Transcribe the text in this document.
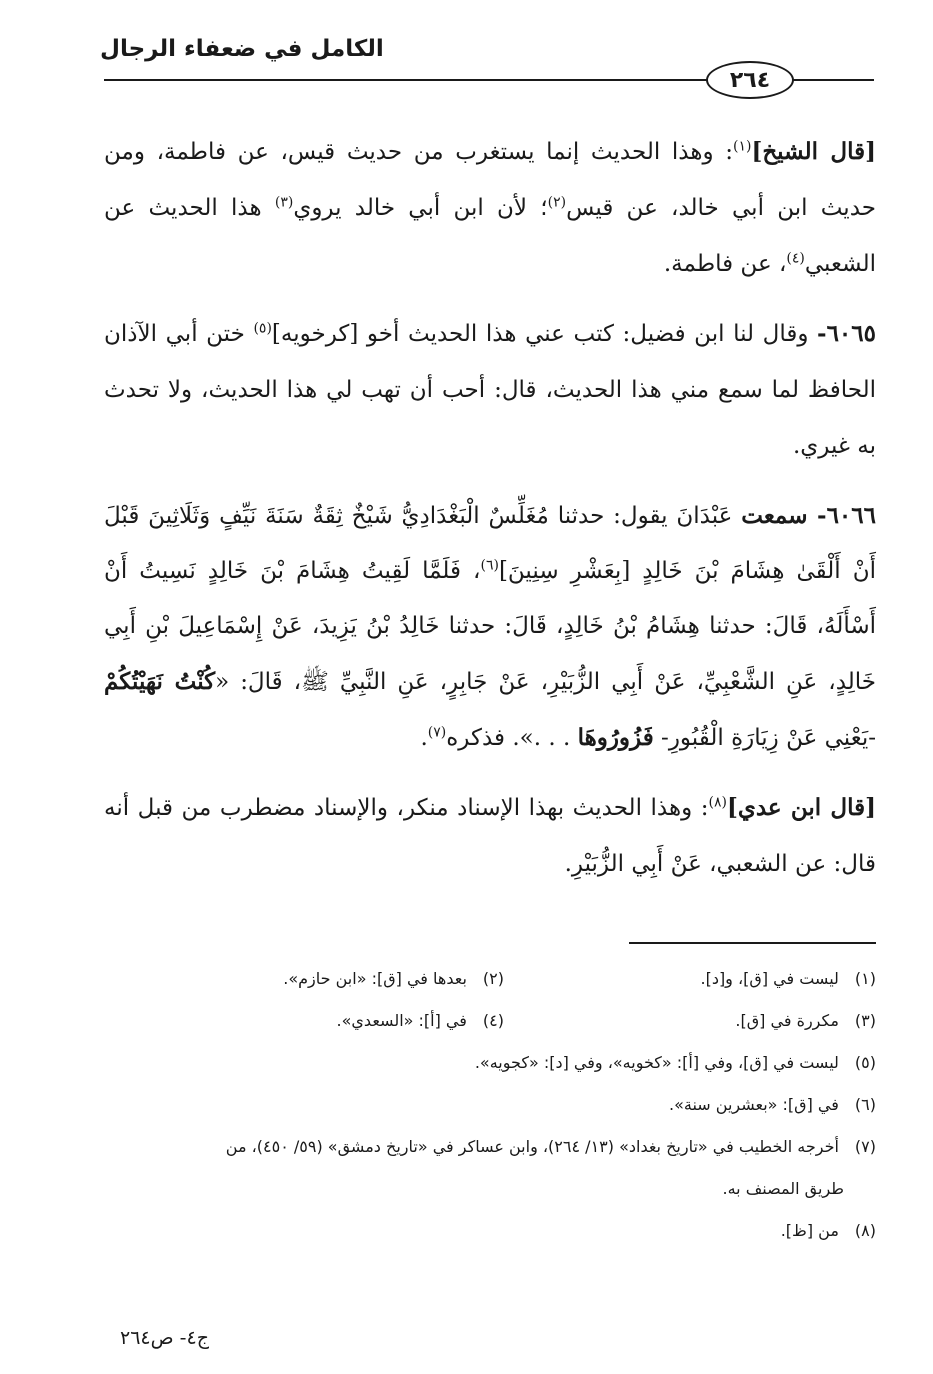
الكامل في ضعفاء الرجال
٢٦٤

[قال الشيخ]$^{(١)}$: وهذا الحديث إنما يستغرب من حديث قيس، عن فاطمة، ومن حديث ابن أبي خالد، عن قيس$^{(٢)}$؛ لأن ابن أبي خالد يروي$^{(٣)}$ هذا الحديث عن الشعبي$^{(٤)}$، عن فاطمة.

٦٠٦٥- وقال لنا ابن فضيل: كتب عني هذا الحديث أخو [كرخويه]$^{(٥)}$ ختن أبي الآذان الحافظ لما سمع مني هذا الحديث، قال: أحب أن تهب لي هذا الحديث، ولا تحدث به غيري.

٦٠٦٦- سمعت عَبْدَانَ يقول: حدثنا مُغَلِّسٌ الْبَغْدَادِيُّ شَيْخٌ ثِقَةٌ سَنَةَ نَيِّفٍ وَثَلَاثِينَ قَبْلَ أَنْ أَلْقَىٰ هِشَامَ بْنَ خَالِدٍ [بِعَشْرِ سِنِينَ]$^{(٦)}$، فَلَمَّا لَقِيتُ هِشَامَ بْنَ خَالِدٍ نَسِيتُ أَنْ أَسْأَلَهُ، قَالَ: حدثنا هِشَامُ بْنُ خَالِدٍ، قَالَ: حدثنا خَالِدُ بْنُ يَزِيدَ، عَنْ إِسْمَاعِيلَ بْنِ أَبِي خَالِدٍ، عَنِ الشَّعْبِيِّ، عَنْ أَبِي الزُّبَيْرِ، عَنْ جَابِرٍ، عَنِ النَّبِيِّ ﷺ، قَالَ: «كُنْتُ نَهَيْتُكُمْ -يَعْنِي عَنْ زِيَارَةِ الْقُبُورِ- فَزُورُوهَا . . .». فذكره$^{(٧)}$.

[قال ابن عدي]$^{(٨)}$: وهذا الحديث بهذا الإسناد منكر، والإسناد مضطرب من قبل أنه قال: عن الشعبي، عَنْ أَبِي الزُّبَيْرِ.

(١) ليست في [ق]، و[د].
(٢) بعدها في [ق]: «ابن حازم».
(٣) مكررة في [ق].
(٤) في [أ]: «السعدي».
(٥) ليست في [ق]، وفي [أ]: «كخويه»، وفي [د]: «كجويه».
(٦) في [ق]: «بعشرين سنة».
(٧) أخرجه الخطيب في «تاريخ بغداد» (١٣/ ٢٦٤)، وابن عساكر في «تاريخ دمشق» (٥٩/ ٤٥٠)، من
طريق المصنف به.
(٨) من [ظ].
ج٤- ص٢٦٤
